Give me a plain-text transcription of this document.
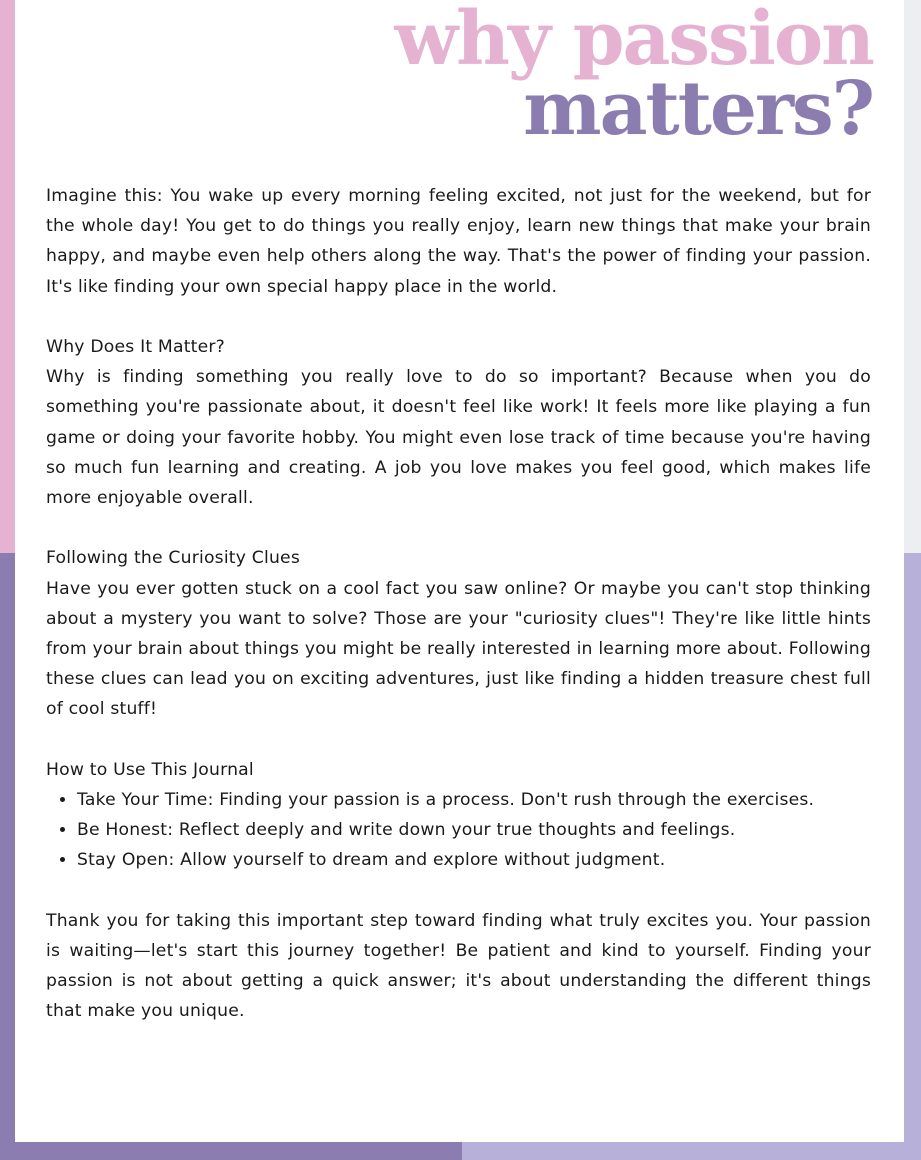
why passion
matters?

Imagine this: You wake up every morning feeling excited, not just for the weekend, but for the whole day! You get to do things you really enjoy, learn new things that make your brain happy, and maybe even help others along the way. That's the power of finding your passion. It's like finding your own special happy place in the world.

Why Does It Matter?
Why is finding something you really love to do so important? Because when you do something you're passionate about, it doesn't feel like work! It feels more like playing a fun game or doing your favorite hobby. You might even lose track of time because you're having so much fun learning and creating. A job you love makes you feel good, which makes life more enjoyable overall.
Following the Curiosity Clues
Have you ever gotten stuck on a cool fact you saw online? Or maybe you can't stop thinking about a mystery you want to solve? Those are your "curiosity clues"! They're like little hints from your brain about things you might be really interested in learning more about. Following these clues can lead you on exciting adventures, just like finding a hidden treasure chest full of cool stuff!
How to Use This Journal
• Take Your Time: Finding your passion is a process. Don't rush through the exercises.
• Be Honest: Reflect deeply and write down your true thoughts and feelings.
• Stay Open: Allow yourself to dream and explore without judgment.

Thank you for taking this important step toward finding what truly excites you. Your passion is waiting—let's start this journey together! Be patient and kind to yourself. Finding your passion is not about getting a quick answer; it's about understanding the different things that make you unique.
